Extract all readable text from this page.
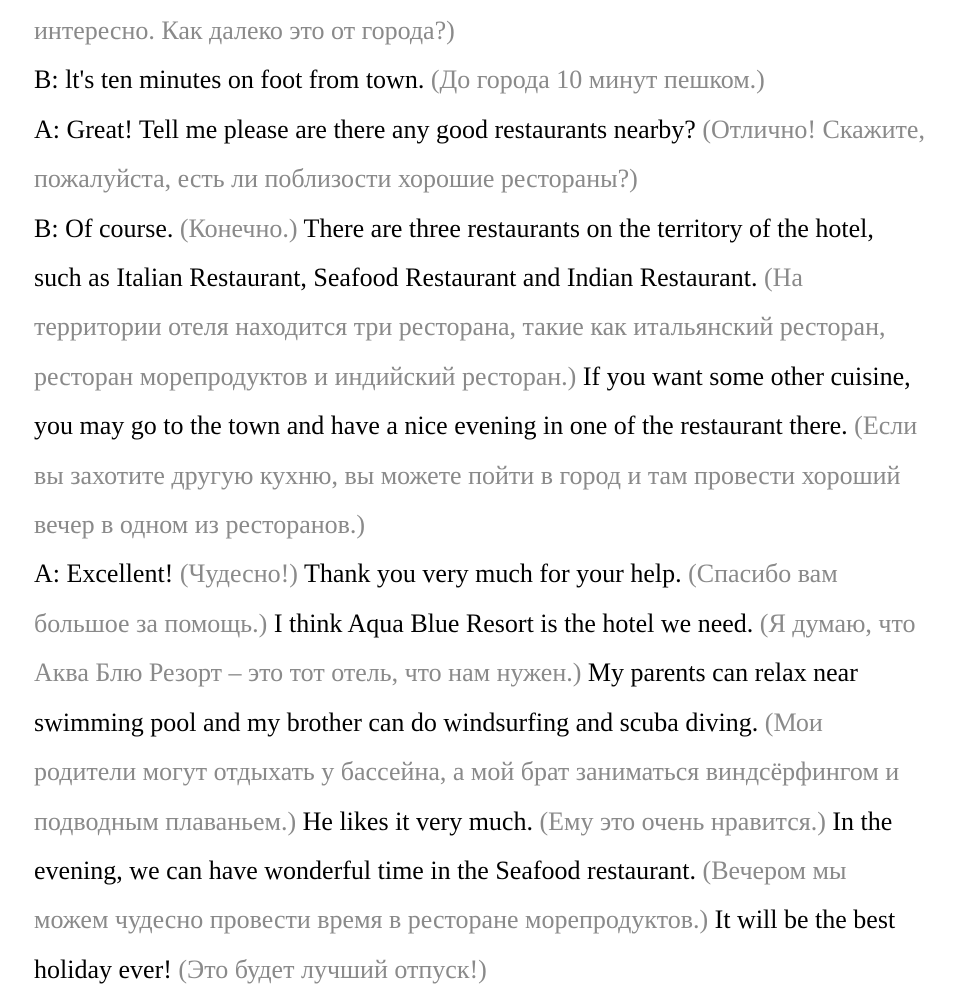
интересно. Как далеко это от города?)

B: lt's ten minutes on foot from town. (До города 10 минут пешком.)

A: Great! Tell me please are there any good restaurants nearby? (Отлично! Скажите, пожалуйста, есть ли поблизости хорошие рестораны?)

B: Of course. (Конечно.) There are three restaurants on the territory of the hotel, such as Italian Restaurant, Seafood Restaurant and Indian Restaurant. (На территории отеля находится три ресторана, такие как итальянский ресторан, ресторан морепродуктов и индийский ресторан.) If you want some other cuisine, you may go to the town and have a nice evening in one of the restaurant there. (Если вы захотите другую кухню, вы можете пойти в город и там провести хороший вечер в одном из ресторанов.)

A: Excellent! (Чудесно!) Thank you very much for your help. (Спасибо вам большое за помощь.) I think Aqua Blue Resort is the hotel we need. (Я думаю, что Аква Блю Резорт – это тот отель, что нам нужен.) My parents can relax near swimming pool and my brother can do windsurfing and scuba diving. (Мои родители могут отдыхать у бассейна, а мой брат заниматься виндсёрфингом и подводным плаваньем.) He likes it very much. (Ему это очень нравится.) In the evening, we can have wonderful time in the Seafood restaurant. (Вечером мы можем чудесно провести время в ресторане морепродуктов.) It will be the best holiday ever! (Это будет лучший отпуск!)
